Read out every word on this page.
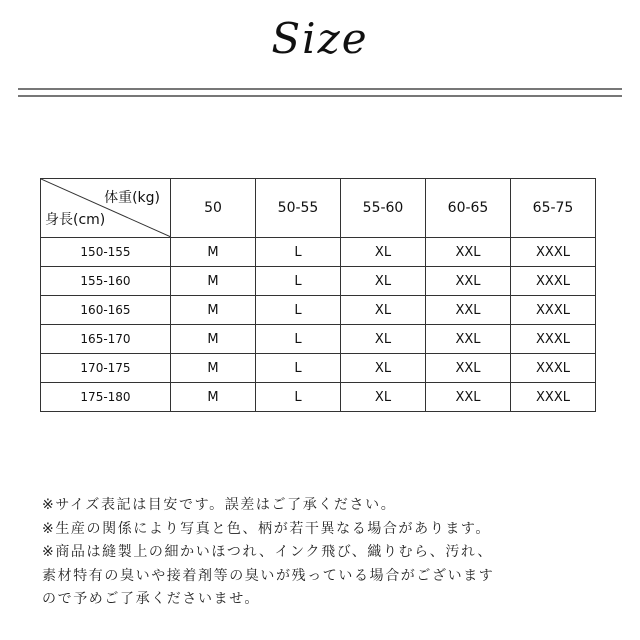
Size
体重(kg)
身長(cm)	50	50-55	55-60	60-65	65-75
150-155	M	L	XL	XXL	XXXL
155-160	M	L	XL	XXL	XXXL
160-165	M	L	XL	XXL	XXXL
165-170	M	L	XL	XXL	XXXL
170-175	M	L	XL	XXL	XXXL
175-180	M	L	XL	XXL	XXXL
※サイズ表記は目安です。誤差はご了承ください。
※生産の関係により写真と色、柄が若干異なる場合があります。
※商品は縫製上の細かいほつれ、インク飛び、織りむら、汚れ、
素材特有の臭いや接着剤等の臭いが残っている場合がございます
ので予めご了承くださいませ。
